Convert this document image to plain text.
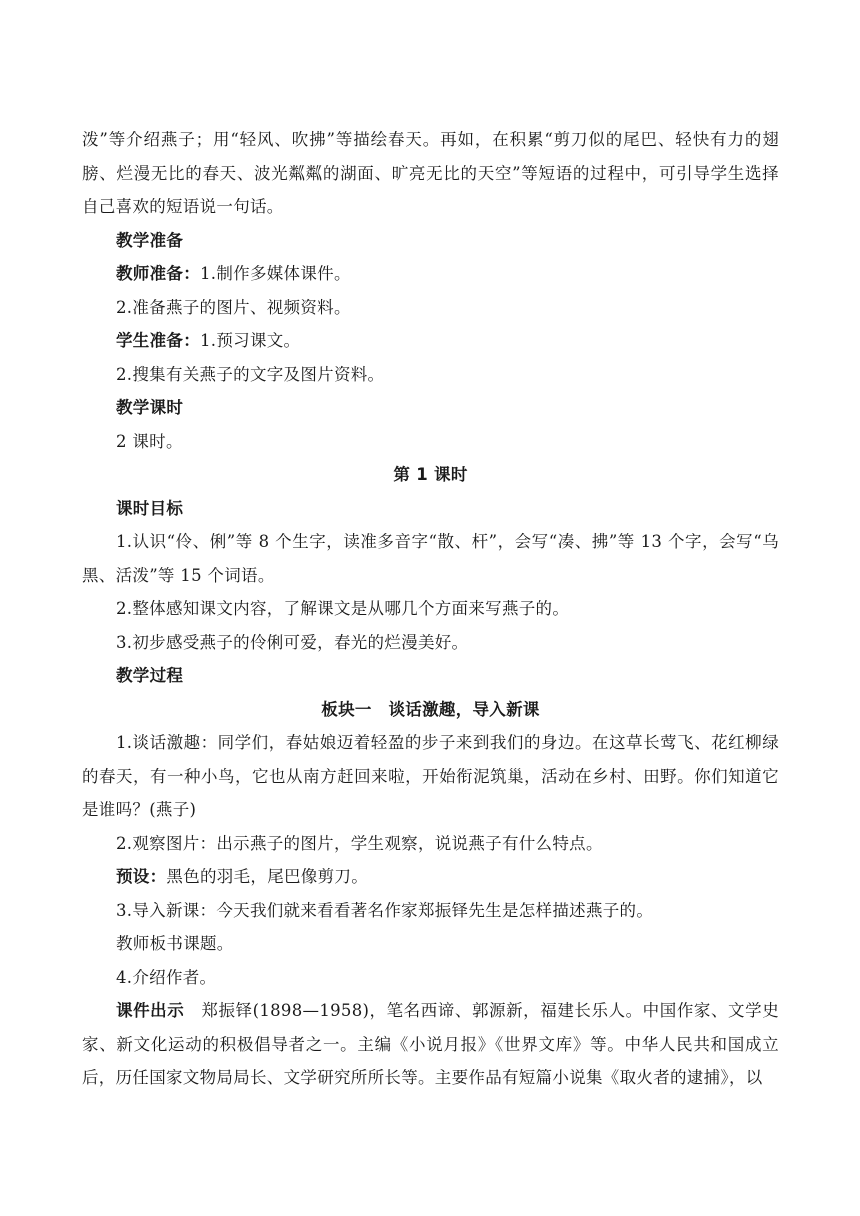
泼”等介绍燕子；用“轻风、吹拂”等描绘春天。再如，在积累“剪刀似的尾巴、轻快有力的翅膀、烂漫无比的春天、波光粼粼的湖面、旷亮无比的天空”等短语的过程中，可引导学生选择自己喜欢的短语说一句话。

教学准备

教师准备：1.制作多媒体课件。

2.准备燕子的图片、视频资料。

学生准备：1.预习课文。

2.搜集有关燕子的文字及图片资料。

教学课时

2 课时。

第 1 课时

课时目标

1.认识“伶、俐”等 8 个生字，读准多音字“散、杆”，会写“凑、拂”等 13 个字，会写“乌黑、活泼”等 15 个词语。

2.整体感知课文内容，了解课文是从哪几个方面来写燕子的。

3.初步感受燕子的伶俐可爱，春光的烂漫美好。

教学过程

板块一　谈话激趣，导入新课

1.谈话激趣：同学们，春姑娘迈着轻盈的步子来到我们的身边。在这草长莺飞、花红柳绿的春天，有一种小鸟，它也从南方赶回来啦，开始衔泥筑巢，活动在乡村、田野。你们知道它是谁吗？(燕子)

2.观察图片：出示燕子的图片，学生观察，说说燕子有什么特点。

预设：黑色的羽毛，尾巴像剪刀。

3.导入新课：今天我们就来看看著名作家郑振铎先生是怎样描述燕子的。

教师板书课题。

4.介绍作者。

课件出示　郑振铎(1898—1958)，笔名西谛、郭源新，福建长乐人。中国作家、文学史家、新文化运动的积极倡导者之一。主编《小说月报》《世界文库》等。中华人民共和国成立后，历任国家文物局局长、文学研究所所长等。主要作品有短篇小说集《取火者的逮捕》，以
